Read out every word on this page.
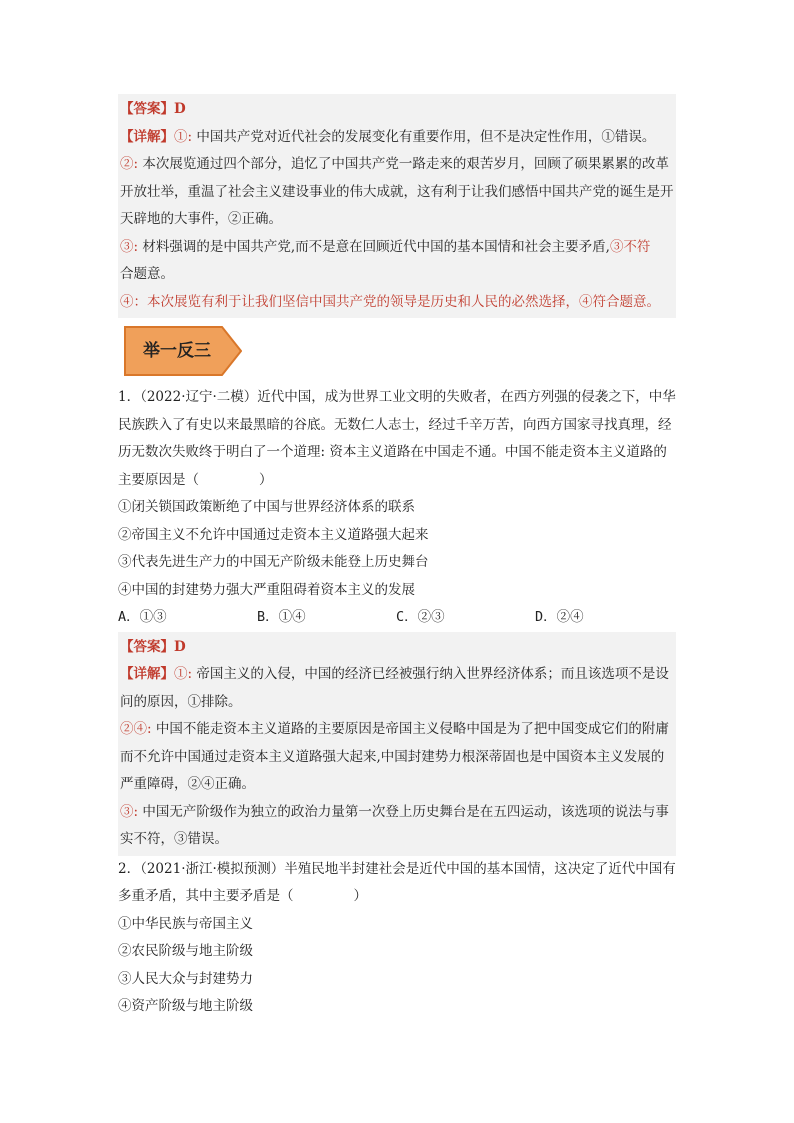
【答案】D

【详解】①: 中国共产党对近代社会的发展变化有重要作用，但不是决定性作用，①错误。

②: 本次展览通过四个部分，追忆了中国共产党一路走来的艰苦岁月，回顾了硕果累累的改革开放壮举，重温了社会主义建设事业的伟大成就，这有利于让我们感悟中国共产党的诞生是开天辟地的大事件，②正确。

③: 材料强调的是中国共产党,而不是意在回顾近代中国的基本国情和社会主要矛盾,③不符
合题意。

④：本次展览有利于让我们坚信中国共产党的领导是历史和人民的必然选择，④符合题意。

举一反三

1．（2022·辽宁·二模）近代中国，成为世界工业文明的失败者，在西方列强的侵袭之下，中华民族跌入了有史以来最黑暗的谷底。无数仁人志士，经过千辛万苦，向西方国家寻找真理，经历无数次失败终于明白了一个道理: 资本主义道路在中国走不通。中国不能走资本主义道路的主要原因是（	）

①闭关锁国政策断绝了中国与世界经济体系的联系

②帝国主义不允许中国通过走资本主义道路强大起来

③代表先进生产力的中国无产阶级未能登上历史舞台

④中国的封建势力强大严重阻碍着资本主义的发展

A．①③	B．①④	C．②③	D．②④

【答案】D

【详解】①: 帝国主义的入侵，中国的经济已经被强行纳入世界经济体系；而且该选项不是设问的原因，①排除。

②④: 中国不能走资本主义道路的主要原因是帝国主义侵略中国是为了把中国变成它们的附庸而不允许中国通过走资本主义道路强大起来,中国封建势力根深蒂固也是中国资本主义发展的严重障碍，②④正确。

③: 中国无产阶级作为独立的政治力量第一次登上历史舞台是在五四运动，该选项的说法与事实不符，③错误。

2．（2021·浙江·模拟预测）半殖民地半封建社会是近代中国的基本国情，这决定了近代中国有多重矛盾，其中主要矛盾是（	）

①中华民族与帝国主义

②农民阶级与地主阶级

③人民大众与封建势力

④资产阶级与地主阶级
